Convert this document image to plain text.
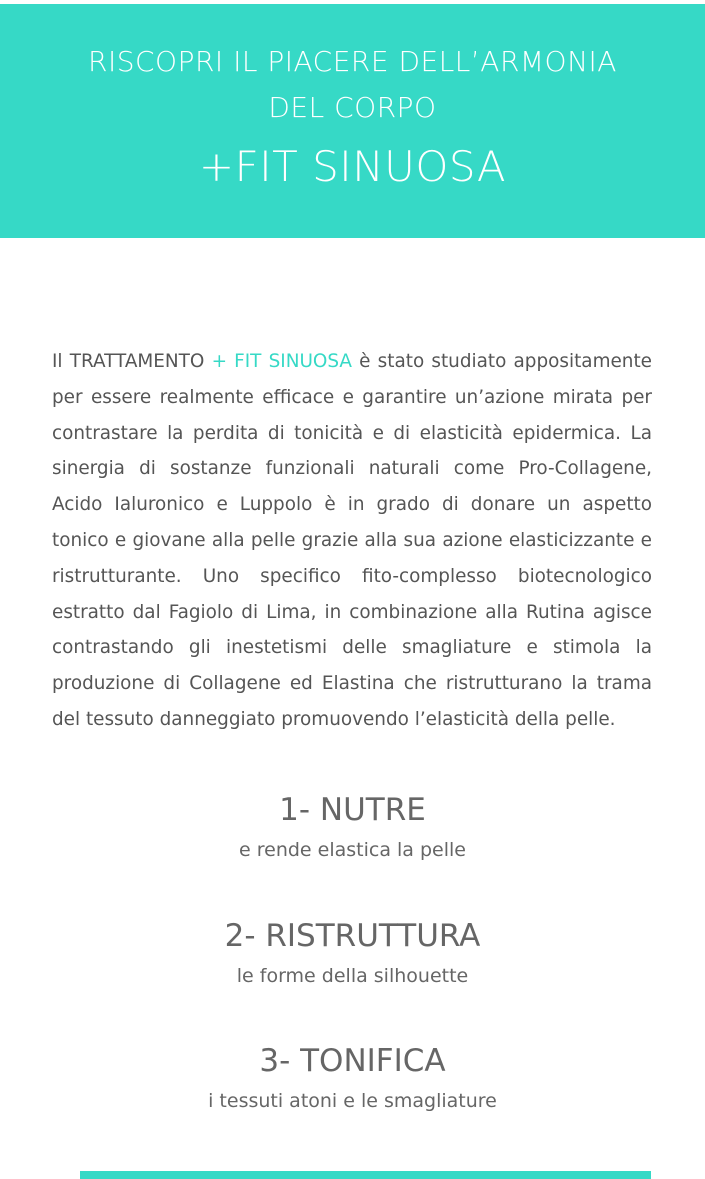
RISCOPRI IL PIACERE DELL’ARMONIA
DEL CORPO
+FIT SINUOSA

Il TRATTAMENTO + FIT SINUOSA è stato studiato appositamente per essere realmente efficace e garantire un’azione mirata per contrastare la perdita di tonicità e di elasticità epidermica. La sinergia di sostanze funzionali naturali come Pro-Collagene, Acido Ialuronico e Luppolo è in grado di donare un aspetto tonico e giovane alla pelle grazie alla sua azione elasticizzante e ristrutturante. Uno specifico fito-complesso biotecnologico estratto dal Fagiolo di Lima, in combinazione alla Rutina agisce contrastando gli inestetismi delle smagliature e stimola la produzione di Collagene ed Elastina che ristrutturano la trama del tessuto danneggiato promuovendo l’elasticità della pelle.

1- NUTRE
e rende elastica la pelle
2- RISTRUTTURA
le forme della silhouette
3- TONIFICA
i tessuti atoni e le smagliature
